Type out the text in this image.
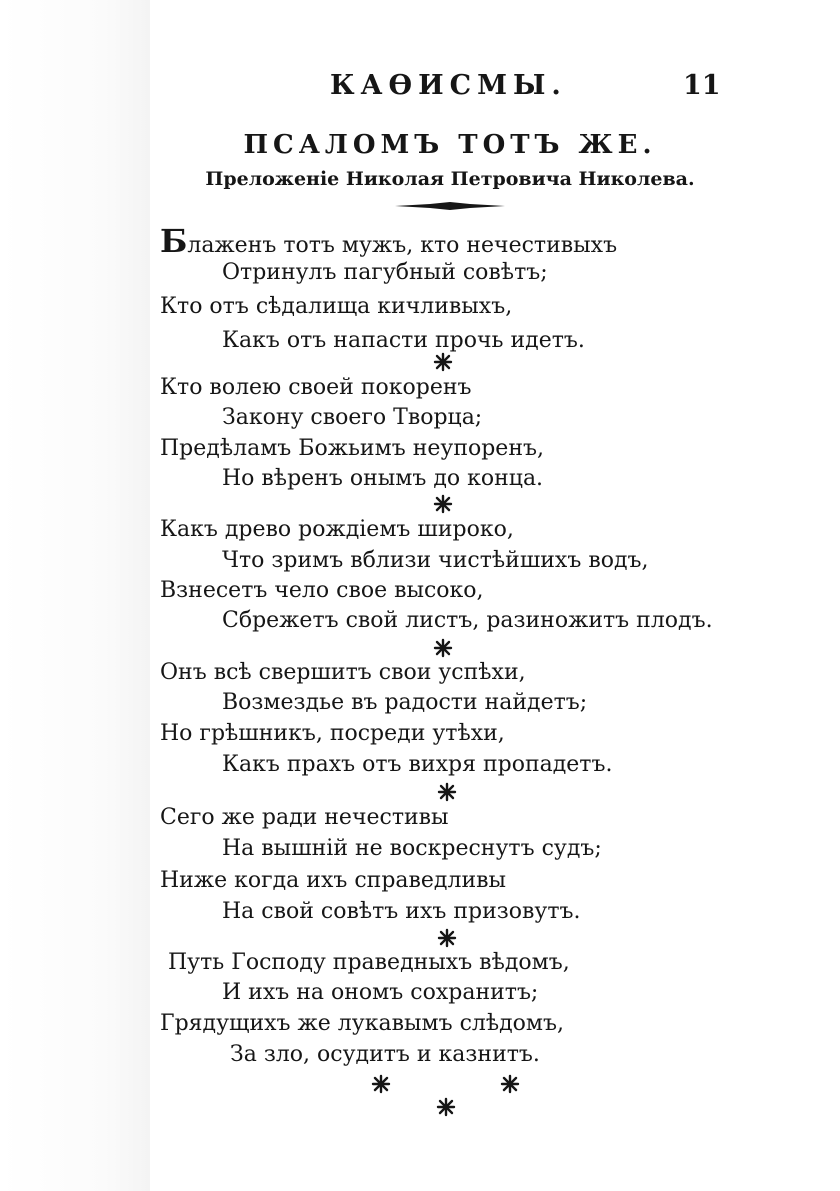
КАѲИСМЫ.	11
ПСАЛОМЪ ТОТЪ ЖЕ.
Преложеніе Николая Петровича Николева.
Блаженъ тотъ мужъ, кто нечестивыхъ
Отринулъ пагубный совѣтъ;
Кто отъ сѣдалища кичливыхъ,
Какъ отъ напасти прочь идетъ.
Кто волею своей покоренъ
Закону своего Творца;
Предѣламъ Божьимъ неупоренъ,
Но вѣренъ онымъ до конца.
Какъ древо рождіемъ широко,
Что зримъ вблизи чистѣйшихъ водъ,
Взнесетъ чело свое высоко,
Сбрежетъ свой листъ, разиножитъ плодъ.
Онъ всѣ свершитъ свои успѣхи,
Возмездье въ радости найдетъ;
Но грѣшникъ, посреди утѣхи,
Какъ прахъ отъ вихря пропадетъ.
Сего же ради нечестивы
На вышній не воскреснутъ судъ;
Ниже когда ихъ справедливы
На свой совѣтъ ихъ призовутъ.
Путь Господу праведныхъ вѣдомъ,
И ихъ на ономъ сохранитъ;
Грядущихъ же лукавымъ слѣдомъ,
За зло, осудитъ и казнитъ.
